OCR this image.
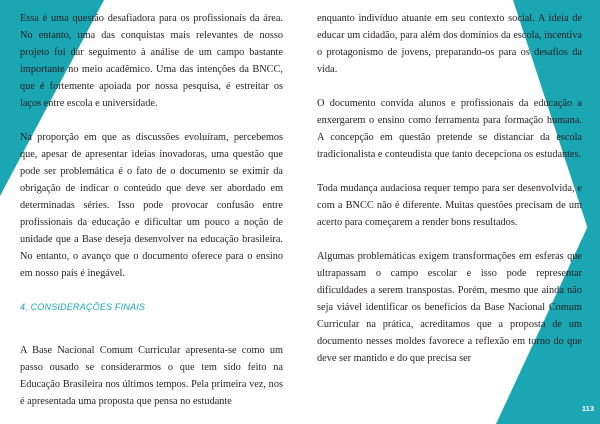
Essa é uma questão desafiadora para os profissionais da área. No entanto, uma das conquistas mais relevantes de nosso projeto foi dar seguimento à análise de um campo bastante importante no meio acadêmico. Uma das intenções da BNCC, que é fortemente apoiada por nossa pesquisa, é estreitar os laços entre escola e universidade.

Na proporção em que as discussões evoluíram, percebemos que, apesar de apresentar ideias inovadoras, uma questão que pode ser problemática é o fato de o documento se eximir da obrigação de indicar o conteúdo que deve ser abordado em determinadas séries. Isso pode provocar confusão entre profissionais da educação e dificultar um pouco a noção de unidade que a Base deseja desenvolver na educação brasileira. No entanto, o avanço que o documento oferece para o ensino em nosso país é inegável.

4. CONSIDERAÇÕES FINAIS

A Base Nacional Comum Curricular apresenta-se como um passo ousado se considerarmos o que tem sido feito na Educação Brasileira nos últimos tempos. Pela primeira vez, nos é apresentada uma proposta que pensa no estudante

enquanto indivíduo atuante em seu contexto social. A ideia de educar um cidadão, para além dos domínios da escola, incentiva o protagonismo de jovens, preparando-os para os desafios da vida.

O documento convida alunos e profissionais da educação a enxergarem o ensino como ferramenta para formação humana. A concepção em questão pretende se distanciar da escola tradicionalista e conteudista que tanto decepciona os estudantes.

Toda mudança audaciosa requer tempo para ser desenvolvida, e com a BNCC não é diferente. Muitas questões precisam de um acerto para começarem a render bons resultados.

Algumas problemáticas exigem transformações em esferas que ultrapassam o campo escolar e isso pode representar dificuldades a serem transpostas. Porém, mesmo que ainda não seja viável identificar os benefícios da Base Nacional Comum Curricular na prática, acreditamos que a proposta de um documento nesses moldes favorece a reflexão em torno do que deve ser mantido e do que precisa ser

113
